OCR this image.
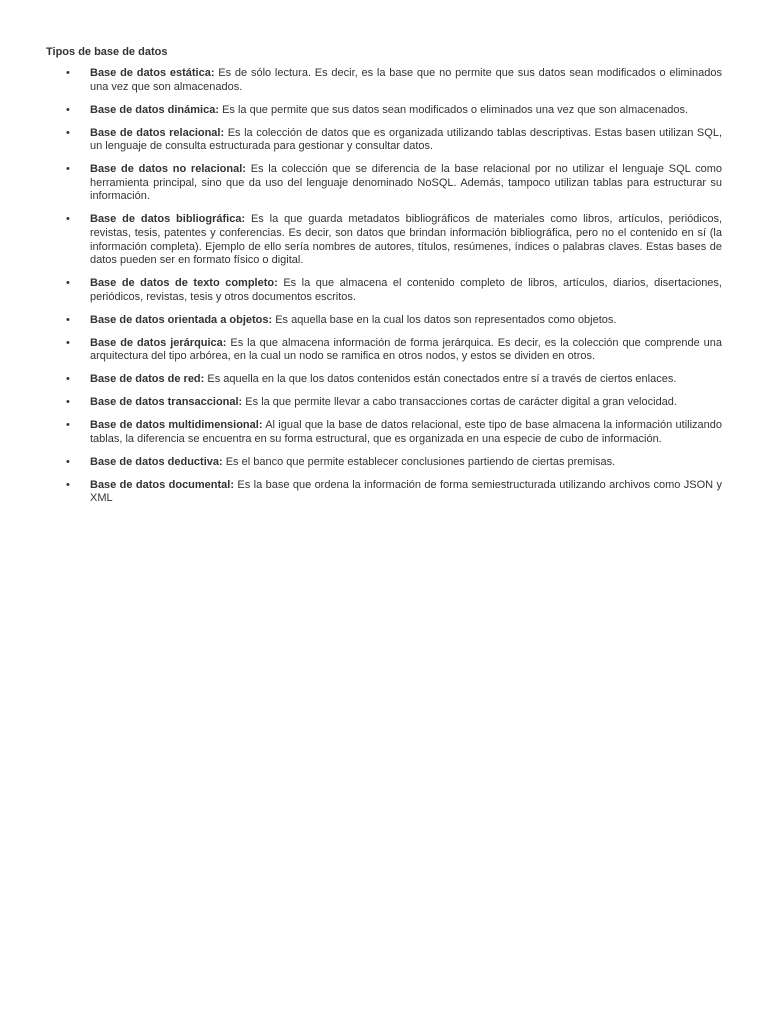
Tipos de base de datos
• Base de datos estática: Es de sólo lectura. Es decir, es la base que no permite que sus datos sean modificados o eliminados una vez que son almacenados.
• Base de datos dinámica: Es la que permite que sus datos sean modificados o eliminados una vez que son almacenados.
• Base de datos relacional: Es la colección de datos que es organizada utilizando tablas descriptivas. Estas basen utilizan SQL, un lenguaje de consulta estructurada para gestionar y consultar datos.
• Base de datos no relacional: Es la colección que se diferencia de la base relacional por no utilizar el lenguaje SQL como herramienta principal, sino que da uso del lenguaje denominado NoSQL. Además, tampoco utilizan tablas para estructurar su información.
• Base de datos bibliográfica: Es la que guarda metadatos bibliográficos de materiales como libros, artículos, periódicos, revistas, tesis, patentes y conferencias. Es decir, son datos que brindan información bibliográfica, pero no el contenido en sí (la información completa). Ejemplo de ello sería nombres de autores, títulos, resúmenes, índices o palabras claves. Estas bases de datos pueden ser en formato físico o digital.
• Base de datos de texto completo: Es la que almacena el contenido completo de libros, artículos, diarios, disertaciones, periódicos, revistas, tesis y otros documentos escritos.
• Base de datos orientada a objetos: Es aquella base en la cual los datos son representados como objetos.
• Base de datos jerárquica: Es la que almacena información de forma jerárquica. Es decir, es la colección que comprende una arquitectura del tipo arbórea, en la cual un nodo se ramifica en otros nodos, y estos se dividen en otros.
• Base de datos de red: Es aquella en la que los datos contenidos están conectados entre sí a través de ciertos enlaces.
• Base de datos transaccional: Es la que permite llevar a cabo transacciones cortas de carácter digital a gran velocidad.
• Base de datos multidimensional: Al igual que la base de datos relacional, este tipo de base almacena la información utilizando tablas, la diferencia se encuentra en su forma estructural, que es organizada en una especie de cubo de información.
• Base de datos deductiva: Es el banco que permite establecer conclusiones partiendo de ciertas premisas.
• Base de datos documental: Es la base que ordena la información de forma semiestructurada utilizando archivos como JSON y XML
